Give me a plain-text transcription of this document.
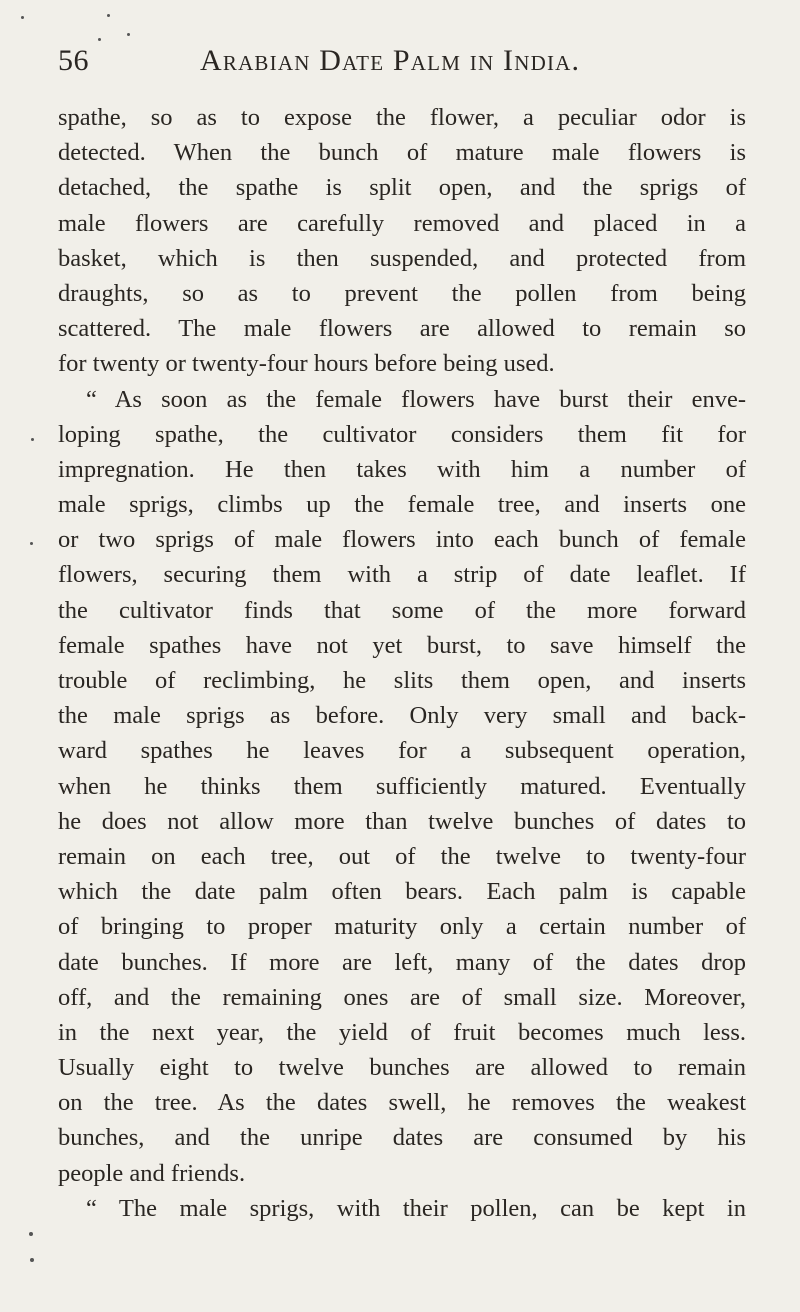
56	Arabian Date Palm in India.
spathe, so as to expose the flower, a peculiar odor is
detected. When the bunch of mature male flowers is
detached, the spathe is split open, and the sprigs of
male flowers are carefully removed and placed in a
basket, which is then suspended, and protected from
draughts, so as to prevent the pollen from being
scattered. The male flowers are allowed to remain so
for twenty or twenty-four hours before being used.
“ As soon as the female flowers have burst their enve-
loping spathe, the cultivator considers them fit for
impregnation. He then takes with him a number of
male sprigs, climbs up the female tree, and inserts one
or two sprigs of male flowers into each bunch of female
flowers, securing them with a strip of date leaflet. If
the cultivator finds that some of the more forward
female spathes have not yet burst, to save himself the
trouble of reclimbing, he slits them open, and inserts
the male sprigs as before. Only very small and back-
ward spathes he leaves for a subsequent operation,
when he thinks them sufficiently matured. Eventually
he does not allow more than twelve bunches of dates to
remain on each tree, out of the twelve to twenty-four
which the date palm often bears. Each palm is capable
of bringing to proper maturity only a certain number of
date bunches. If more are left, many of the dates drop
off, and the remaining ones are of small size. Moreover,
in the next year, the yield of fruit becomes much less.
Usually eight to twelve bunches are allowed to remain
on the tree. As the dates swell, he removes the weakest
bunches, and the unripe dates are consumed by his
people and friends.
“ The male sprigs, with their pollen, can be kept in
